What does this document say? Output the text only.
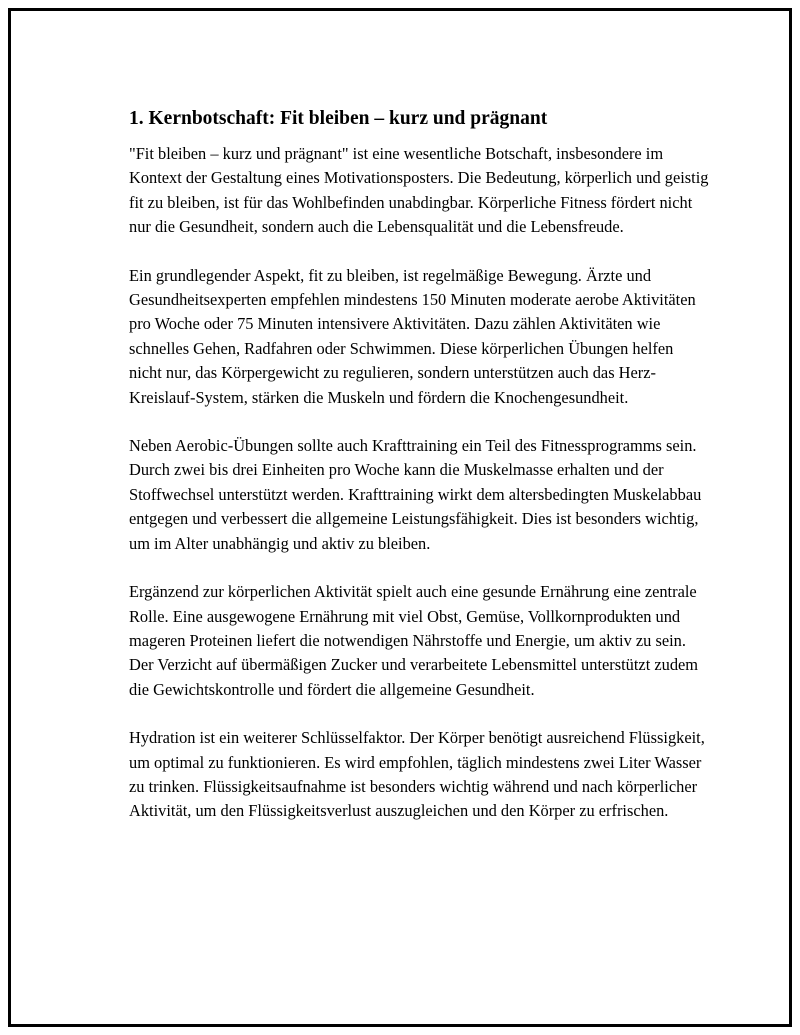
1. Kernbotschaft: Fit bleiben – kurz und prägnant

"Fit bleiben – kurz und prägnant" ist eine wesentliche Botschaft, insbesondere im Kontext der Gestaltung eines Motivationsposters. Die Bedeutung, körperlich und geistig fit zu bleiben, ist für das Wohlbefinden unabdingbar. Körperliche Fitness fördert nicht nur die Gesundheit, sondern auch die Lebensqualität und die Lebensfreude.

Ein grundlegender Aspekt, fit zu bleiben, ist regelmäßige Bewegung. Ärzte und Gesundheitsexperten empfehlen mindestens 150 Minuten moderate aerobe Aktivitäten pro Woche oder 75 Minuten intensivere Aktivitäten. Dazu zählen Aktivitäten wie schnelles Gehen, Radfahren oder Schwimmen. Diese körperlichen Übungen helfen nicht nur, das Körpergewicht zu regulieren, sondern unterstützen auch das Herz-Kreislauf-System, stärken die Muskeln und fördern die Knochengesundheit.

Neben Aerobic-Übungen sollte auch Krafttraining ein Teil des Fitnessprogramms sein. Durch zwei bis drei Einheiten pro Woche kann die Muskelmasse erhalten und der Stoffwechsel unterstützt werden. Krafttraining wirkt dem altersbedingten Muskelabbau entgegen und verbessert die allgemeine Leistungsfähigkeit. Dies ist besonders wichtig, um im Alter unabhängig und aktiv zu bleiben.

Ergänzend zur körperlichen Aktivität spielt auch eine gesunde Ernährung eine zentrale Rolle. Eine ausgewogene Ernährung mit viel Obst, Gemüse, Vollkornprodukten und mageren Proteinen liefert die notwendigen Nährstoffe und Energie, um aktiv zu sein. Der Verzicht auf übermäßigen Zucker und verarbeitete Lebensmittel unterstützt zudem die Gewichtskontrolle und fördert die allgemeine Gesundheit.

Hydration ist ein weiterer Schlüsselfaktor. Der Körper benötigt ausreichend Flüssigkeit, um optimal zu funktionieren. Es wird empfohlen, täglich mindestens zwei Liter Wasser zu trinken. Flüssigkeitsaufnahme ist besonders wichtig während und nach körperlicher Aktivität, um den Flüssigkeitsverlust auszugleichen und den Körper zu erfrischen.
